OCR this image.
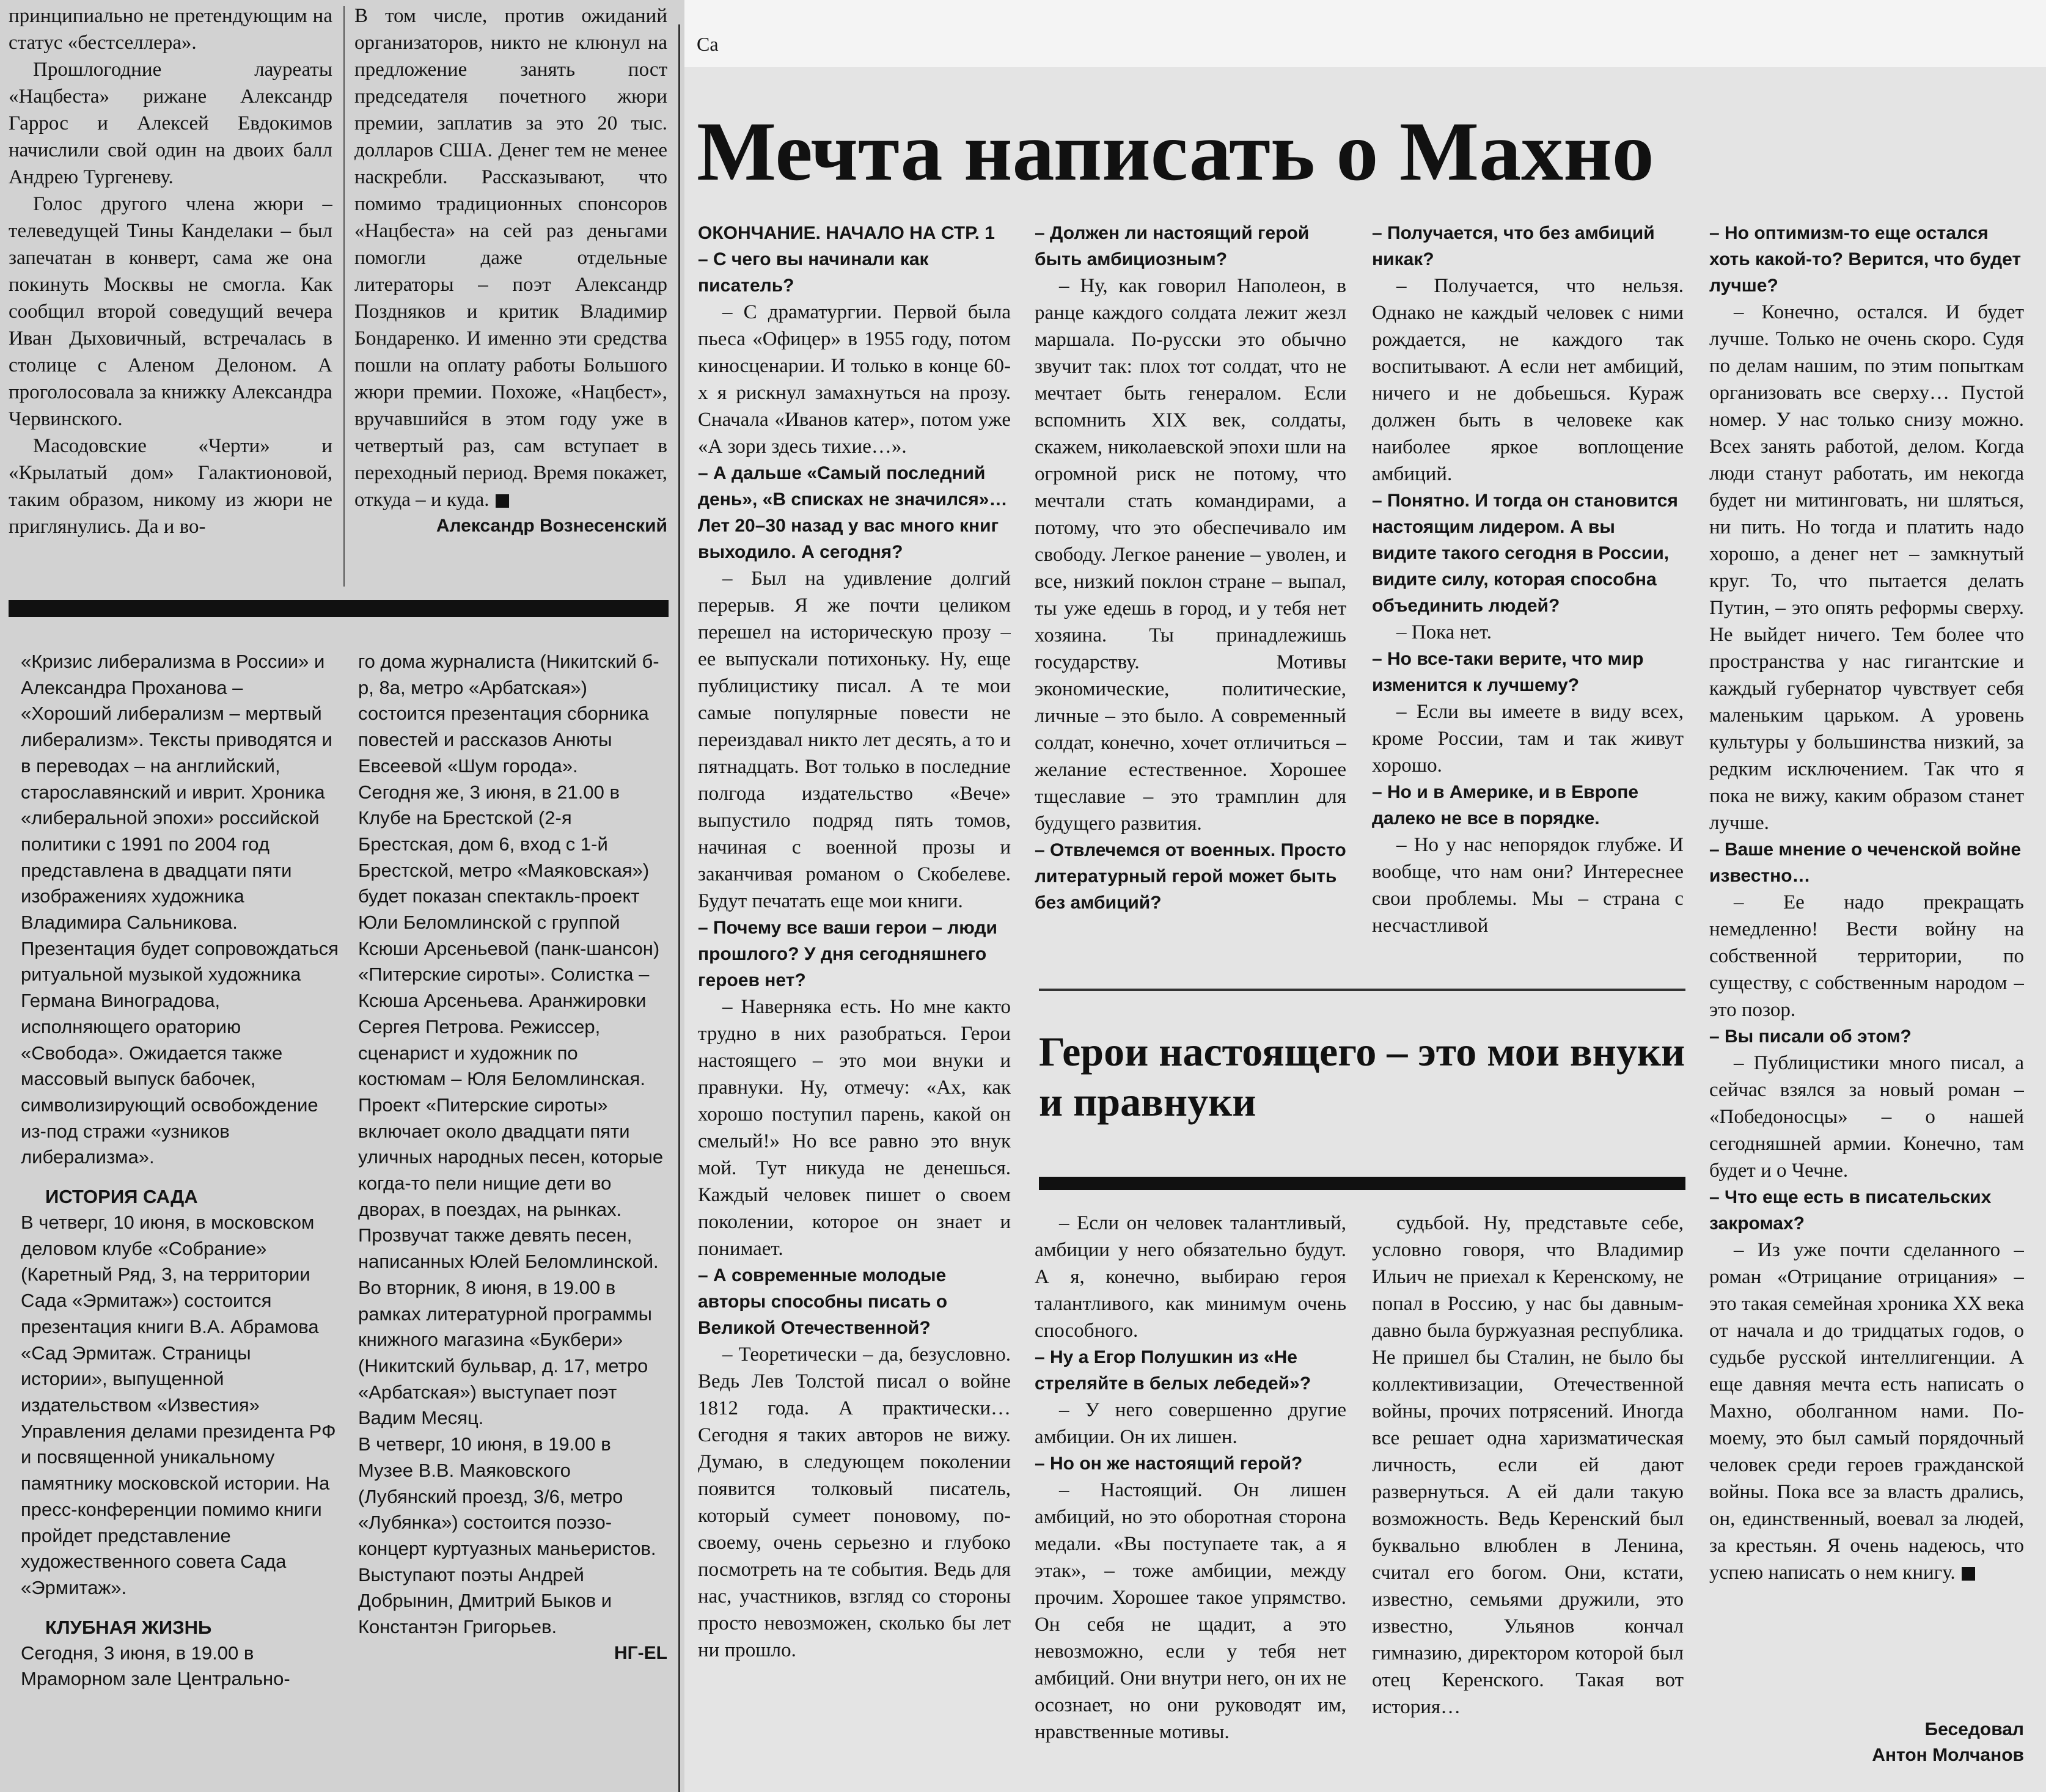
Са

принципиально не претендующим на статус «бестселлера».

Прошлогодние лауреаты «Нацбеста» рижане Александр Гаррос и Алексей Евдокимов начислили свой один на двоих балл Андрею Тургеневу.

Голос другого члена жюри – телеведущей Тины Канделаки – был запечатан в конверт, сама же она покинуть Москвы не смогла. Как сообщил второй соведущий вечера Иван Дыховичный, встречалась в столице с Аленом Делоном. А проголосовала за книжку Александра Червинского.

Масодовские «Черти» и «Крылатый дом» Галактионовой, таким образом, никому из жюри не приглянулись. Да и во-

В том числе, против ожиданий организаторов, никто не клюнул на предложение занять пост председателя почетного жюри премии, заплатив за это 20 тыс. долларов США. Денег тем не менее наскребли. Рассказывают, что помимо традиционных спонсоров «Нацбеста» на сей раз деньгами помогли даже отдельные литераторы – поэт Александр Поздняков и критик Владимир Бондаренко. И именно эти средства пошли на оплату работы Большого жюри премии. Похоже, «Нацбест», вручавшийся в этом году уже в четвертый раз, сам вступает в переходный период. Время покажет, откуда – и куда.

Александр Вознесенский

«Кризис либерализма в России» и Александра Проханова – «Хороший либерализм – мертвый либерализм». Тексты приводятся и в переводах – на английский, старославянский и иврит. Хроника «либеральной эпохи» российской политики с 1991 по 2004 год представлена в двадцати пяти изображениях художника Владимира Сальникова.

Презентация будет сопровождаться ритуальной музыкой художника Германа Виноградова, исполняющего ораторию «Свобода». Ожидается также массовый выпуск бабочек, символизирующий освобождение из-под стражи «узников либерализма».

ИСТОРИЯ САДА

В четверг, 10 июня, в московском деловом клубе «Собрание» (Каретный Ряд, 3, на территории Сада «Эрмитаж») состоится презентация книги В.А. Абрамова «Сад Эрмитаж. Страницы истории», выпущенной издательством «Известия» Управления делами президента РФ и посвященной уникальному памятнику московской истории. На пресс-конференции помимо книги пройдет представление художественного совета Сада «Эрмитаж».

КЛУБНАЯ ЖИЗНЬ

Сегодня, 3 июня, в 19.00 в Мраморном зале Центрально-

го дома журналиста (Никитский б-р, 8а, метро «Арбатская») состоится презентация сборника повестей и рассказов Анюты Евсеевой «Шум города».

Сегодня же, 3 июня, в 21.00 в Клубе на Брестской (2-я Брестская, дом 6, вход с 1-й Брестской, метро «Маяковская») будет показан спектакль-проект Юли Беломлинской с группой Ксюши Арсеньевой (панк-шансон) «Питерские сироты». Солистка – Ксюша Арсеньева. Аранжировки Сергея Петрова. Режиссер, сценарист и художник по костюмам – Юля Беломлинская. Проект «Питерские сироты» включает около двадцати пяти уличных народных песен, которые когда-то пели нищие дети во дворах, в поездах, на рынках. Прозвучат также девять песен, написанных Юлей Беломлинской.

Во вторник, 8 июня, в 19.00 в рамках литературной программы книжного магазина «Букбери» (Никитский бульвар, д. 17, метро «Арбатская») выступает поэт Вадим Месяц.

В четверг, 10 июня, в 19.00 в Музее В.В. Маяковского (Лубянский проезд, 3/6, метро «Лубянка») состоится поэзо-концерт куртуазных маньеристов. Выступают поэты Андрей Добрынин, Дмитрий Быков и Константэн Григорьев.

НГ-EL

Мечта написать о Махно

ОКОНЧАНИЕ. НАЧАЛО НА СТР. 1

– С чего вы начинали как писатель?

– С драматургии. Первой была пьеса «Офицер» в 1955 году, потом киносценарии. И только в конце 60-х я рискнул замахнуться на прозу. Сначала «Иванов катер», потом уже «А зори здесь тихие…».

– А дальше «Самый последний день», «В списках не значился»… Лет 20–30 назад у вас много книг выходило. А сегодня?

– Был на удивление долгий перерыв. Я же почти целиком перешел на историческую прозу – ее выпускали потихоньку. Ну, еще публицистику писал. А те мои самые популярные повести не переиздавал никто лет десять, а то и пятнадцать. Вот только в последние полгода издательство «Вече» выпустило подряд пять томов, начиная с военной прозы и заканчивая романом о Скобелеве. Будут печатать еще мои книги.

– Почему все ваши герои – люди прошлого? У дня сегодняшнего героев нет?

– Наверняка есть. Но мне както трудно в них разобраться. Герои настоящего – это мои внуки и правнуки. Ну, отмечу: «Ах, как хорошо поступил парень, какой он смелый!» Но все равно это внук мой. Тут никуда не денешься. Каждый человек пишет о своем поколении, которое он знает и понимает.

– А современные молодые авторы способны писать о Великой Отечественной?

– Теоретически – да, безусловно. Ведь Лев Толстой писал о войне 1812 года. А практически… Сегодня я таких авторов не вижу. Думаю, в следующем поколении появится толковый писатель, который сумеет поновому, по-своему, очень серьезно и глубоко посмотреть на те события. Ведь для нас, участников, взгляд со стороны просто невозможен, сколько бы лет ни прошло.

– Должен ли настоящий герой быть амбициозным?

– Ну, как говорил Наполеон, в ранце каждого солдата лежит жезл маршала. По-русски это обычно звучит так: плох тот солдат, что не мечтает быть генералом. Если вспомнить XIX век, солдаты, скажем, николаевской эпохи шли на огромной риск не потому, что мечтали стать командирами, а потому, что это обеспечивало им свободу. Легкое ранение – уволен, и все, низкий поклон стране – выпал, ты уже едешь в город, и у тебя нет хозяина. Ты принадлежишь государству. Мотивы экономические, политические, личные – это было. А современный солдат, конечно, хочет отличиться – желание естественное. Хорошее тщеславие – это трамплин для будущего развития.

– Отвлечемся от военных. Просто литературный герой может быть без амбиций?

– Получается, что без амбиций никак?

– Получается, что нельзя. Однако не каждый человек с ними рождается, не каждого так воспитывают. А если нет амбиций, ничего и не добьешься. Кураж должен быть в человеке как наиболее яркое воплощение амбиций.

– Понятно. И тогда он становится настоящим лидером. А вы видите такого сегодня в России, видите силу, которая способна объединить людей?

– Пока нет.

– Но все-таки верите, что мир изменится к лучшему?

– Если вы имеете в виду всех, кроме России, там и так живут хорошо.

– Но и в Америке, и в Европе далеко не все в порядке.

– Но у нас непорядок глубже. И вообще, что нам они? Интереснее свои проблемы. Мы – страна с несчастливой

Герои настоящего – это мои внуки и правнуки

– Если он человек талантливый, амбиции у него обязательно будут. А я, конечно, выбираю героя талантливого, как минимум очень способного.

– Ну а Егор Полушкин из «Не стреляйте в белых лебедей»?

– У него совершенно другие амбиции. Он их лишен.

– Но он же настоящий герой?

– Настоящий. Он лишен амбиций, но это оборотная сторона медали. «Вы поступаете так, а я этак», – тоже амбиции, между прочим. Хорошее такое упрямство. Он себя не щадит, а это невозможно, если у тебя нет амбиций. Они внутри него, он их не осознает, но они руководят им, нравственные мотивы.

судьбой. Ну, представьте себе, условно говоря, что Владимир Ильич не приехал к Керенскому, не попал в Россию, у нас бы давным-давно была буржуазная республика. Не пришел бы Сталин, не было бы коллективизации, Отечественной войны, прочих потрясений. Иногда все решает одна харизматическая личность, если ей дают развернуться. А ей дали такую возможность. Ведь Керенский был буквально влюблен в Ленина, считал его богом. Они, кстати, известно, семьями дружили, это известно, Ульянов кончал гимназию, директором которой был отец Керенского. Такая вот история…

– Но оптимизм-то еще остался хоть какой-то? Верится, что будет лучше?

– Конечно, остался. И будет лучше. Только не очень скоро. Судя по делам нашим, по этим попыткам организовать все сверху… Пустой номер. У нас только снизу можно. Всех занять работой, делом. Когда люди станут работать, им некогда будет ни митинговать, ни шляться, ни пить. Но тогда и платить надо хорошо, а денег нет – замкнутый круг. То, что пытается делать Путин, – это опять реформы сверху. Не выйдет ничего. Тем более что пространства у нас гигантские и каждый губернатор чувствует себя маленьким царьком. А уровень культуры у большинства низкий, за редким исключением. Так что я пока не вижу, каким образом станет лучше.

– Ваше мнение о чеченской войне известно…

– Ее надо прекращать немедленно! Вести войну на собственной территории, по существу, с собственным народом – это позор.

– Вы писали об этом?

– Публицистики много писал, а сейчас взялся за новый роман – «Победоносцы» – о нашей сегодняшней армии. Конечно, там будет и о Чечне.

– Что еще есть в писательских закромах?

– Из уже почти сделанного – роман «Отрицание отрицания» – это такая семейная хроника XX века от начала и до тридцатых годов, о судьбе русской интеллигенции. А еще давняя мечта есть написать о Махно, оболганном нами. По-моему, это был самый порядочный человек среди героев гражданской войны. Пока все за власть дрались, он, единственный, воевал за людей, за крестьян. Я очень надеюсь, что успею написать о нем книгу.

Беседовал
Антон Молчанов
